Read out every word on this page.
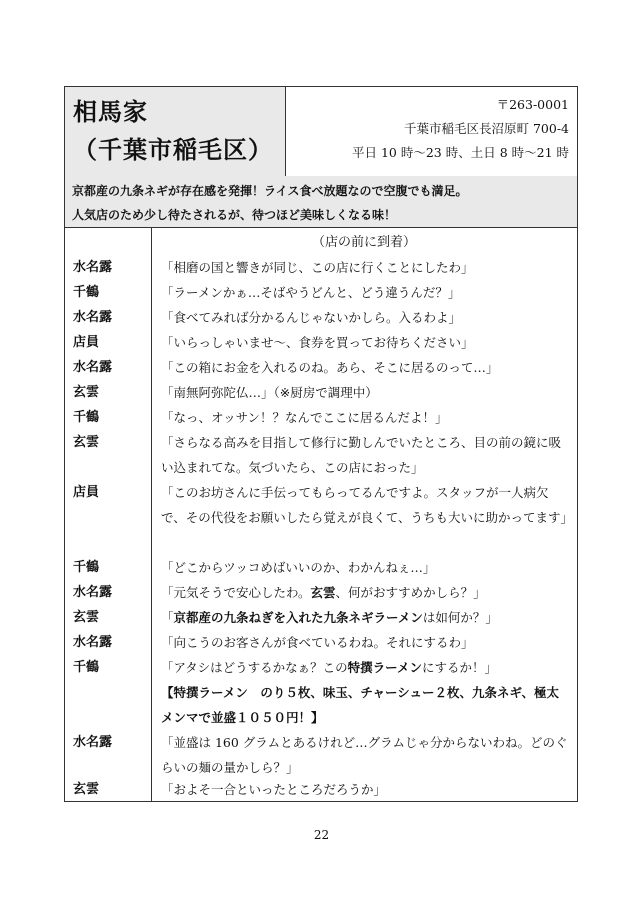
相馬家
（千葉市稲毛区）
〒263-0001
千葉市稲毛区長沼原町 700-4
平日 10 時〜23 時、土日 8 時〜21 時
京都産の九条ネギが存在感を発揮！ライス食べ放題なので空腹でも満足。
人気店のため少し待たされるが、待つほど美味しくなる味！
（店の前に到着）
水名露	「相磨の国と響きが同じ、この店に行くことにしたわ」
千鶴	「ラーメンかぁ…そばやうどんと、どう違うんだ？」
水名露	「食べてみれば分かるんじゃないかしら。入るわよ」
店員	「いらっしゃいませ〜、食券を買ってお待ちください」
水名露	「この箱にお金を入れるのね。あら、そこに居るのって…」
玄雲	「南無阿弥陀仏…」（※厨房で調理中）
千鶴	「なっ、オッサン！？なんでここに居るんだよ！」
玄雲	「さらなる高みを目指して修行に勤しんでいたところ、目の前の鏡に吸い込まれてな。気づいたら、この店におった」
店員	「このお坊さんに手伝ってもらってるんですよ。スタッフが一人病欠で、その代役をお願いしたら覚えが良くて、うちも大いに助かってます」
千鶴	「どこからツッコめばいいのか、わかんねぇ…」
水名露	「元気そうで安心したわ。玄雲、何がおすすめかしら？」
玄雲	「京都産の九条ねぎを入れた九条ネギラーメンは如何か？」
水名露	「向こうのお客さんが食べているわね。それにするわ」
千鶴	「アタシはどうするかなぁ？この特撰ラーメンにするか！」
【特撰ラーメン　のり５枚、味玉、チャーシュー２枚、九条ネギ、極太
メンマで並盛１０５０円！】
水名露	「並盛は 160 グラムとあるけれど…グラムじゃ分からないわね。どのぐらいの麺の量かしら？」
玄雲	「およそ一合といったところだろうか」
22
